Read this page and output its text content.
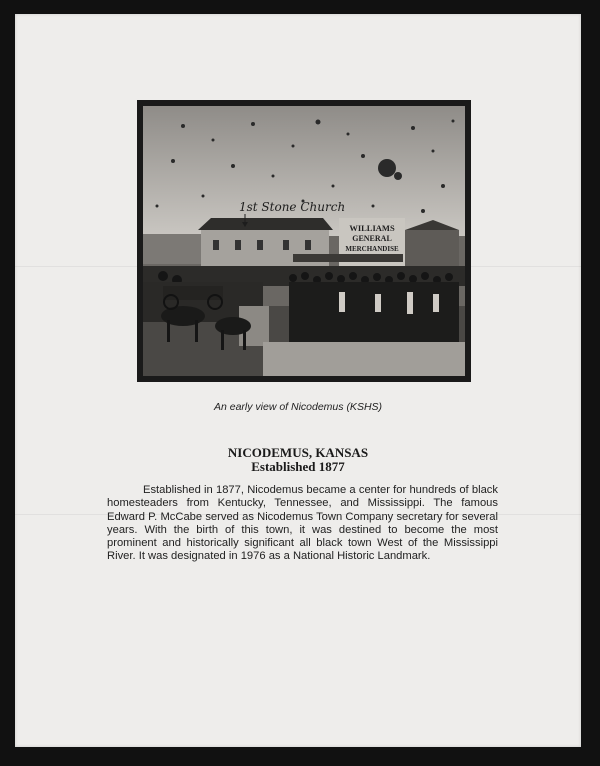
WILLIAMS
GENERAL
MERCHANDISE
1st Stone Church
An early view of Nicodemus (KSHS)
NICODEMUS, KANSAS
Established 1877
Established in 1877, Nicodemus became a center for hundreds of black homesteaders from Kentucky, Tennessee, and Mississippi. The famous Edward P. McCabe served as Nicodemus Town Company secretary for several years. With the birth of this town, it was destined to become the most prominent and historically significant all black town West of the Mississippi River. It was designated in 1976 as a National Historic Landmark.
